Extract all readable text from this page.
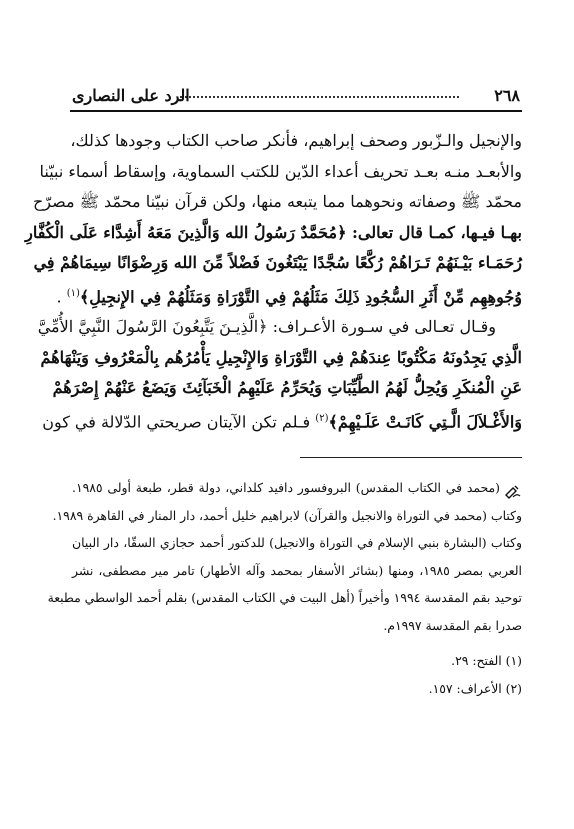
٢٦٨
الرد على النصارى
والإنجيل والـزّبور وصحف إبراهيم، فأنكر صاحب الكتاب وجودها كذلك،
والأبعـد منـه بعـد تحريف أعداء الدّين للكتب السماوية، وإسقاط أسماء نبيّنا
محمّد ﷺ وصفاته ونحوهما مما يتبعه منها، ولكن قرآن نبيّنا محمّد ﷺ مصرّح
بهـا فيـها، كمـا قال تعالى: ﴿مُحَمَّدٌ رَسُولُ الله وَالَّذِينَ مَعَهُ أَشِدَّاء عَلَى الْكُفَّارِ
رُحَمَـاء بَيْـنَهُمْ تَـرَاهُمْ رُكَّعًا سُجَّدًا يَبْتَغُونَ فَضْلاً مِّنَ الله وَرِضْوَانًا سِيمَاهُمْ فِي
وُجُوهِهِم مِّنْ أَثَرِ السُّجُودِ ذَلِكَ مَثَلُهُمْ فِي التَّوْرَاةِ وَمَثَلُهُمْ فِي الإِنجِيلِ﴾$^{(١)}$ .
وقـال تعـالى في سـورة الأعـراف: ﴿الَّذِيـنَ يَتَّبِعُونَ الرَّسُولَ النَّبِيَّ الأُمِّيَّ
الَّذِي يَجِدُونَهُ مَكْتُوبًا عِندَهُمْ فِي التَّوْرَاةِ وَالإِنْجِيلِ يَأْمُرُهُم بِالْمَعْرُوفِ وَيَنْهَاهُمْ
عَنِ الْمُنكَرِ وَيُحِلُّ لَهُمُ الطَّيِّبَاتِ وَيُحَرِّمُ عَلَيْهِمُ الْخَبَآئِثَ وَيَضَعُ عَنْهُمْ إِصْرَهُمْ
وَالأَغْـلاَلَ الَّـتِي كَانَـتْ عَلَـيْهِمْ﴾$^{(٢)}$ فـلم تكن الآيتان صريحتي الدّلالة في كون
(محمد في الكتاب المقدس) البروفسور دافيد كلداني، دولة قطر، طبعة أولى ١٩٨٥.
وكتاب (محمد في التوراة والانجيل والقرآن) لابراهيم خليل أحمد، دار المنار في القاهرة ١٩٨٩.
وكتاب (البشارة بنبي الإسلام في التوراة والانجيل) للدكتور أحمد حجازي السقّا، دار البيان
العربي بمصر ١٩٨٥، ومنها (بشائر الأسفار بمحمد وآله الأطهار) تامر مير مصطفى، نشر
توحيد بقم المقدسة ١٩٩٤ وأخيراً (أهل البيت في الكتاب المقدس) بقلم أحمد الواسطي مطبعة
صدرا بقم المقدسة ١٩٩٧م.
(١) الفتح: ٢٩.
(٢) الأعراف: ١٥٧.
